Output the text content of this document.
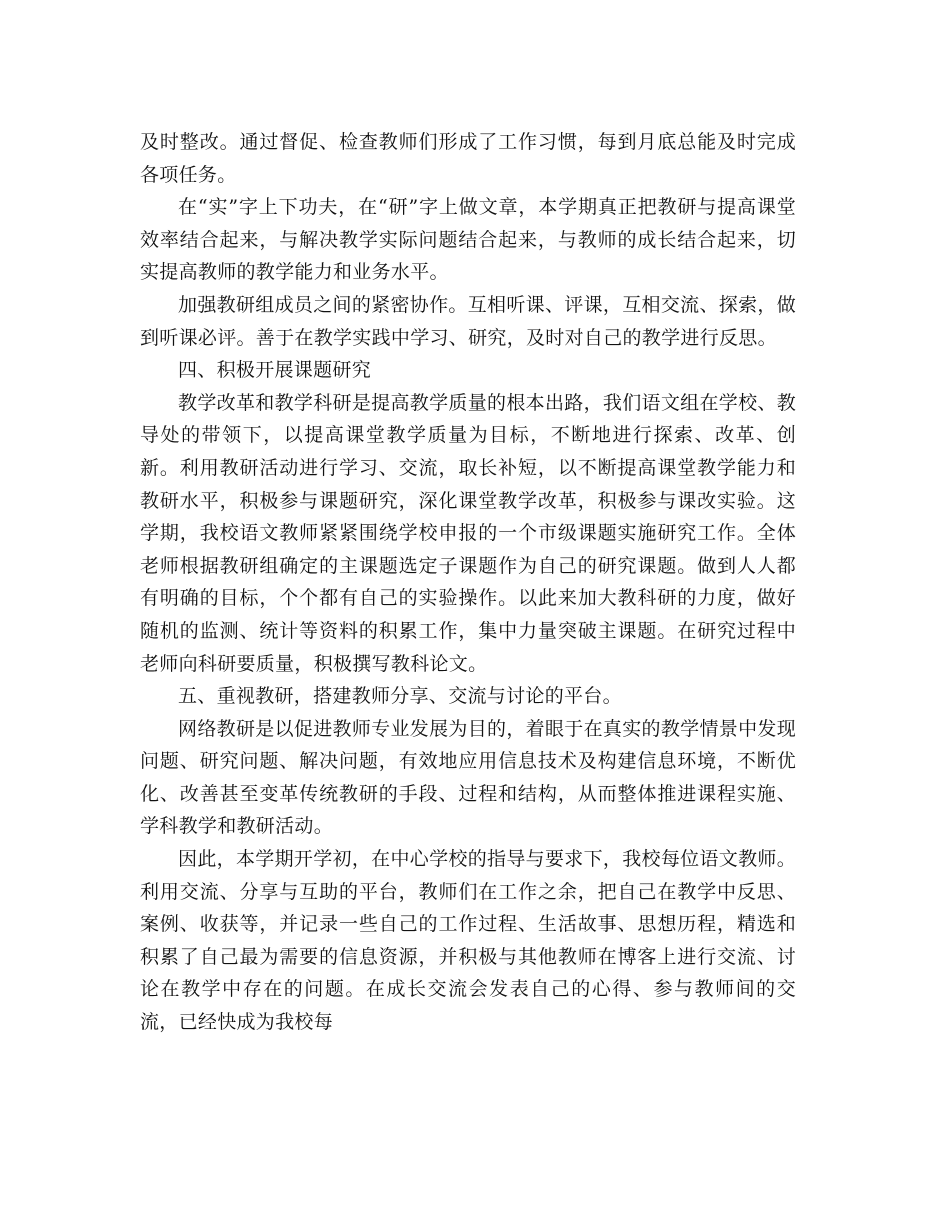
及时整改。通过督促、检查教师们形成了工作习惯，每到月底总能及时完成各项任务。

在“实”字上下功夫，在“研”字上做文章，本学期真正把教研与提高课堂效率结合起来，与解决教学实际问题结合起来，与教师的成长结合起来，切实提高教师的教学能力和业务水平。

加强教研组成员之间的紧密协作。互相听课、评课，互相交流、探索，做到听课必评。善于在教学实践中学习、研究，及时对自己的教学进行反思。

四、积极开展课题研究

教学改革和教学科研是提高教学质量的根本出路，我们语文组在学校、教导处的带领下，以提高课堂教学质量为目标，不断地进行探索、改革、创新。利用教研活动进行学习、交流，取长补短，以不断提高课堂教学能力和教研水平，积极参与课题研究，深化课堂教学改革，积极参与课改实验。这学期，我校语文教师紧紧围绕学校申报的一个市级课题实施研究工作。全体老师根据教研组确定的主课题选定子课题作为自己的研究课题。做到人人都有明确的目标，个个都有自己的实验操作。以此来加大教科研的力度，做好随机的监测、统计等资料的积累工作，集中力量突破主课题。在研究过程中老师向科研要质量，积极撰写教科论文。

五、重视教研，搭建教师分享、交流与讨论的平台。

网络教研是以促进教师专业发展为目的，着眼于在真实的教学情景中发现问题、研究问题、解决问题，有效地应用信息技术及构建信息环境，不断优化、改善甚至变革传统教研的手段、过程和结构，从而整体推进课程实施、学科教学和教研活动。

因此，本学期开学初，在中心学校的指导与要求下，我校每位语文教师。利用交流、分享与互助的平台，教师们在工作之余，把自己在教学中反思、案例、收获等，并记录一些自己的工作过程、生活故事、思想历程，精选和积累了自己最为需要的信息资源，并积极与其他教师在博客上进行交流、讨论在教学中存在的问题。在成长交流会发表自己的心得、参与教师间的交流，已经快成为我校每
